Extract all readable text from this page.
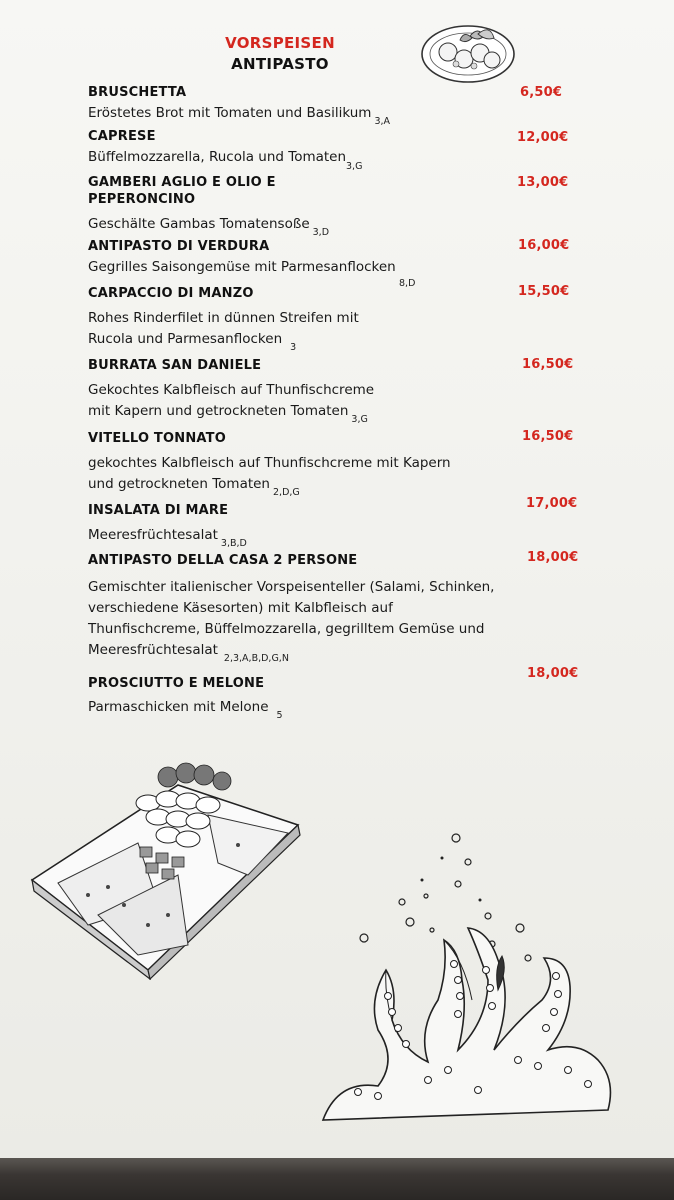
VORSPEISEN
ANTIPASTO
BRUSCHETTA
Eröstetes Brot mit Tomaten und Basilikum$_{3,A}$
6,50€
CAPRESE
Büffelmozzarella, Rucola und Tomaten
3,G
12,00€
GAMBERI AGLIO E OLIO E PEPERONCINO
Geschälte Gambas Tomatensoße$_{3,D}$
13,00€
ANTIPASTO DI VERDURA
Gegrilles Saisongemüse mit Parmesanflocken
8,D
16,00€
CARPACCIO DI MANZO
Rohes Rinderfilet in dünnen Streifen mit Rucola und Parmesanflocken$_3$
15,50€
BURRATA SAN DANIELE
Gekochtes Kalbfleisch auf Thunfischcreme mit Kapern und getrockneten Tomaten$_{3,G}$
16,50€
VITELLO TONNATO
gekochtes Kalbfleisch auf Thunfischcreme mit Kapern und getrockneten Tomaten$_{2,D,G}$
16,50€
INSALATA DI MARE
Meeresfrüchtesalat$_{3,B,D}$
17,00€
ANTIPASTO DELLA CASA 2 PERSONE
Gemischter italienischer Vorspeisenteller (Salami, Schinken, verschiedene Käsesorten) mit Kalbfleisch auf Thunfischcreme, Büffelmozzarella, gegrilltem Gemüse und Meeresfrüchtesalat$_{2,3,A,B,D,G,N}$
18,00€
PROSCIUTTO E MELONE
Parmaschicken mit Melone$_5$
18,00€
